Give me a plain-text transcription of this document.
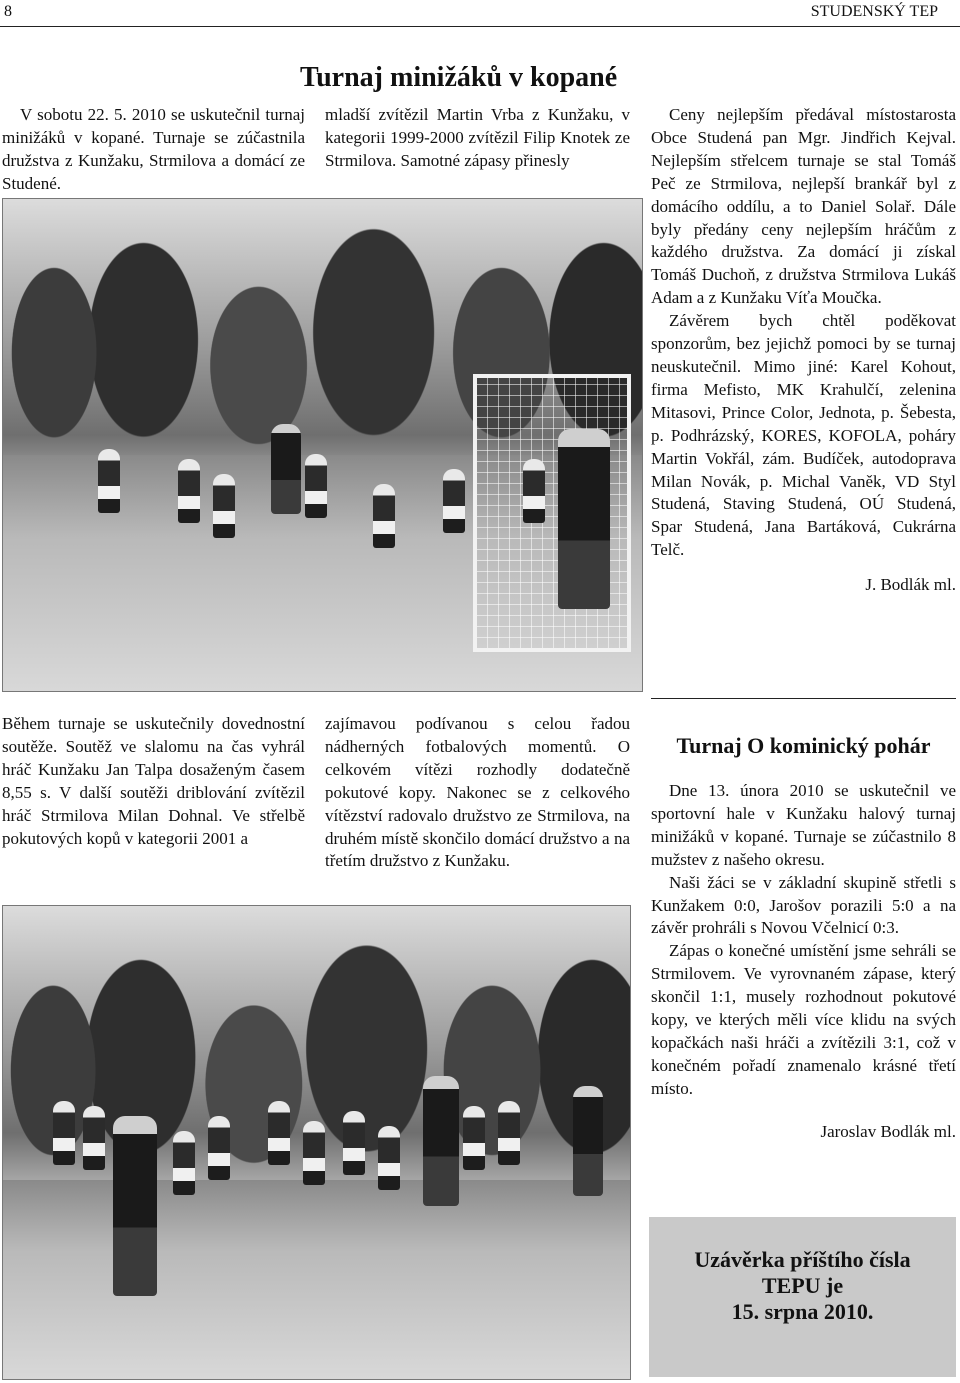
8	STUDENSKÝ TEP
Turnaj minižáků v kopané

V sobotu 22. 5. 2010 se uskutečnil turnaj minižáků v kopané. Turnaje se zúčastnila družstva z Kunžaku, Strmilova a domácí ze Studené.

mladší zvítězil Martin Vrba z Kunžaku, v kategorii 1999-2000 zvítězil Filip Knotek ze Strmilova. Samotné zápasy přinesly

Ceny nejlepším předával místostarosta Obce Studená pan Mgr. Jindřich Kejval. Nejlepším střelcem turnaje se stal Tomáš Peč ze Strmilova, nejlepší brankář byl z domácího oddílu, a to Daniel Solař. Dále byly předány ceny nejlepším hráčům z každého družstva. Za domácí ji získal Tomáš Duchoň, z družstva Strmilova Lukáš Adam a z Kunžaku Víťa Moučka.

Závěrem bych chtěl poděkovat sponzorům, bez jejichž pomoci by se turnaj neuskutečnil. Mimo jiné: Karel Kohout, firma Mefisto, MK Krahulčí, zelenina Mitasovi, Prince Color, Jednota, p. Šebesta, p. Podhrázský, KORES, KOFOLA, poháry Martin Vokřál, zám. Budíček, autodoprava Milan Novák, p. Michal Vaněk, VD Styl Studená, Staving Studená, OÚ Studená, Spar Studená, Jana Bartáková, Cukrárna Telč.

J. Bodlák ml.

Během turnaje se uskutečnily dovednostní soutěže. Soutěž ve slalomu na čas vyhrál hráč Kunžaku Jan Talpa dosaženým časem 8,55 s. V další soutěži driblování zvítězil hráč Strmilova Milan Dohnal. Ve střelbě pokutových kopů v kategorii 2001 a

zajímavou podívanou s celou řadou nádherných fotbalových momentů. O celkovém vítězi rozhodly dodatečně pokutové kopy. Nakonec se z celkového vítězství radovalo družstvo ze Strmilova, na druhém místě skončilo domácí družstvo a na třetím družstvo z Kunžaku.

Turnaj O kominický pohár

Dne 13. února 2010 se uskutečnil ve sportovní hale v Kunžaku halový turnaj minižáků v kopané. Turnaje se zúčastnilo 8 mužstev z našeho okresu.

Naši žáci se v základní skupině střetli s Kunžakem 0:0, Jarošov porazili 5:0 a na závěr prohráli s Novou Včelnicí 0:3.

Zápas o konečné umístění jsme sehráli se Strmilovem. Ve vyrovnaném zápase, který skončil 1:1, musely rozhodnout pokutové kopy, ve kterých měli více klidu na svých kopačkách naši hráči a zvítězili 3:1, což v konečném pořadí znamenalo krásné třetí místo.

Jaroslav Bodlák ml.

Uzávěrka příštího čísla
TEPU je
15. srpna 2010.
